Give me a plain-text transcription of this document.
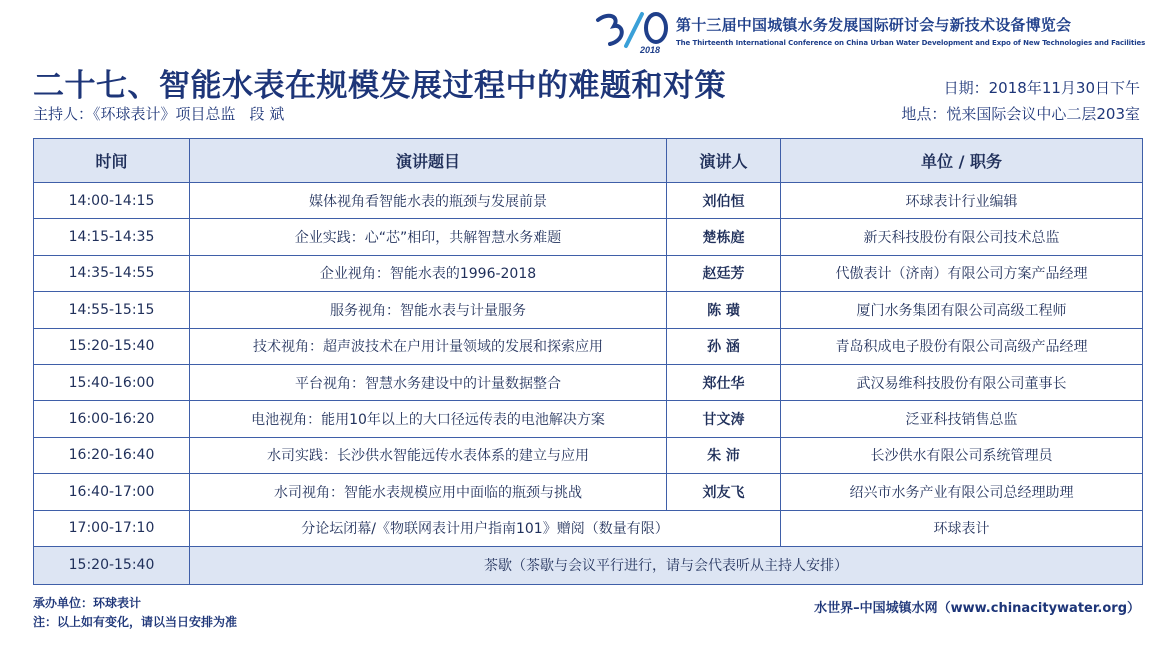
2018
第十三届中国城镇水务发展国际研讨会与新技术设备博览会
The Thirteenth International Conference on China Urban Water Development and Expo of New Technologies and Facilities
二十七、智能水表在规模发展过程中的难题和对策
主持人：《环球表计》项目总监 段 斌
日期：2018年11月30日下午
地点：悦来国际会议中心二层203室
时间	演讲题目	演讲人	单位 / 职务
14:00-14:15	媒体视角看智能水表的瓶颈与发展前景	刘伯恒	环球表计行业编辑
14:15-14:35	企业实践：心“芯”相印，共解智慧水务难题	楚栋庭	新天科技股份有限公司技术总监
14:35-14:55	企业视角：智能水表的1996-2018	赵廷芳	代傲表计（济南）有限公司方案产品经理
14:55-15:15	服务视角：智能水表与计量服务	陈 璜	厦门水务集团有限公司高级工程师
15:20-15:40	技术视角：超声波技术在户用计量领域的发展和探索应用	孙 涵	青岛积成电子股份有限公司高级产品经理
15:40-16:00	平台视角：智慧水务建设中的计量数据整合	郑仕华	武汉易维科技股份有限公司董事长
16:00-16:20	电池视角：能用10年以上的大口径远传表的电池解决方案	甘文涛	泛亚科技销售总监
16:20-16:40	水司实践：长沙供水智能远传水表体系的建立与应用	朱 沛	长沙供水有限公司系统管理员
16:40-17:00	水司视角：智能水表规模应用中面临的瓶颈与挑战	刘友飞	绍兴市水务产业有限公司总经理助理
17:00-17:10	分论坛闭幕/《物联网表计用户指南101》赠阅（数量有限）		环球表计
15:20-15:40	茶歇（茶歇与会议平行进行，请与会代表听从主持人安排）		
承办单位：环球表计
注：以上如有变化，请以当日安排为准
水世界–中国城镇水网（www.chinacitywater.org）
